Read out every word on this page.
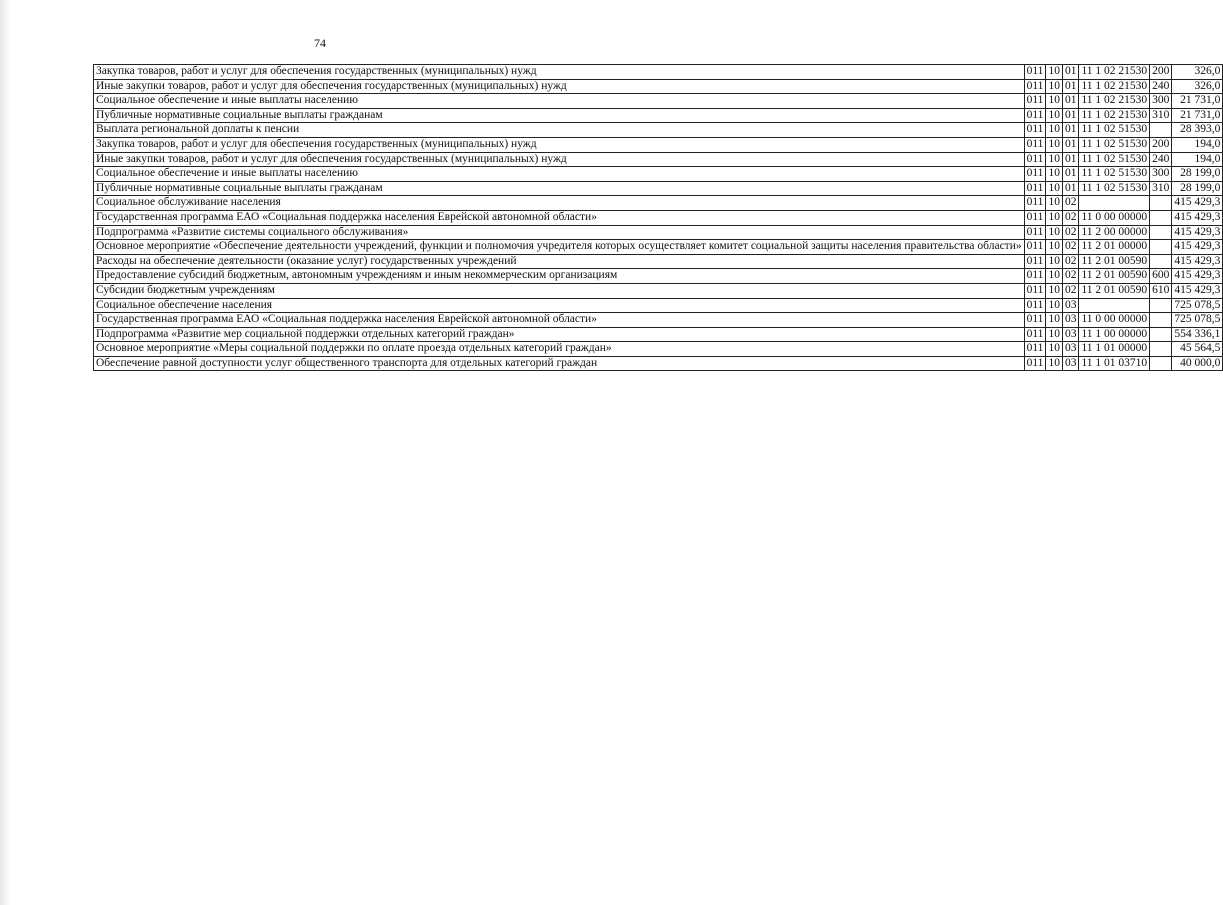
74
Закупка товаров, работ и услуг для обеспечения государственных (муниципальных) нужд	011	10	01	11 1 02 21530	200	326,0
Иные закупки товаров, работ и услуг для обеспечения государственных (муниципальных) нужд	011	10	01	11 1 02 21530	240	326,0
Социальное обеспечение и иные выплаты населению	011	10	01	11 1 02 21530	300	21 731,0
Публичные нормативные социальные выплаты гражданам	011	10	01	11 1 02 21530	310	21 731,0
Выплата региональной доплаты к пенсии	011	10	01	11 1 02 51530		28 393,0
Закупка товаров, работ и услуг для обеспечения государственных (муниципальных) нужд	011	10	01	11 1 02 51530	200	194,0
Иные закупки товаров, работ и услуг для обеспечения государственных (муниципальных) нужд	011	10	01	11 1 02 51530	240	194,0
Социальное обеспечение и иные выплаты населению	011	10	01	11 1 02 51530	300	28 199,0
Публичные нормативные социальные выплаты гражданам	011	10	01	11 1 02 51530	310	28 199,0
Социальное обслуживание населения	011	10	02			415 429,3
Государственная программа ЕАО «Социальная поддержка населения Еврейской автономной области»	011	10	02	11 0 00 00000		415 429,3
Подпрограмма «Развитие системы социального обслуживания»	011	10	02	11 2 00 00000		415 429,3
Основное мероприятие «Обеспечение деятельности учреждений, функции и полномочия учредителя которых осуществляет комитет социальной защиты населения правительства области»	011	10	02	11 2 01 00000		415 429,3
Расходы на обеспечение деятельности (оказание услуг) государственных учреждений	011	10	02	11 2 01 00590		415 429,3
Предоставление субсидий бюджетным, автономным учреждениям и иным некоммерческим организациям	011	10	02	11 2 01 00590	600	415 429,3
Субсидии бюджетным учреждениям	011	10	02	11 2 01 00590	610	415 429,3
Социальное обеспечение населения	011	10	03			725 078,5
Государственная программа ЕАО «Социальная поддержка населения Еврейской автономной области»	011	10	03	11 0 00 00000		725 078,5
Подпрограмма «Развитие мер социальной поддержки отдельных категорий граждан»	011	10	03	11 1 00 00000		554 336,1
Основное мероприятие «Меры социальной поддержки по оплате проезда отдельных категорий граждан»	011	10	03	11 1 01 00000		45 564,5
Обеспечение равной доступности услуг общественного транспорта для отдельных категорий граждан	011	10	03	11 1 01 03710		40 000,0
